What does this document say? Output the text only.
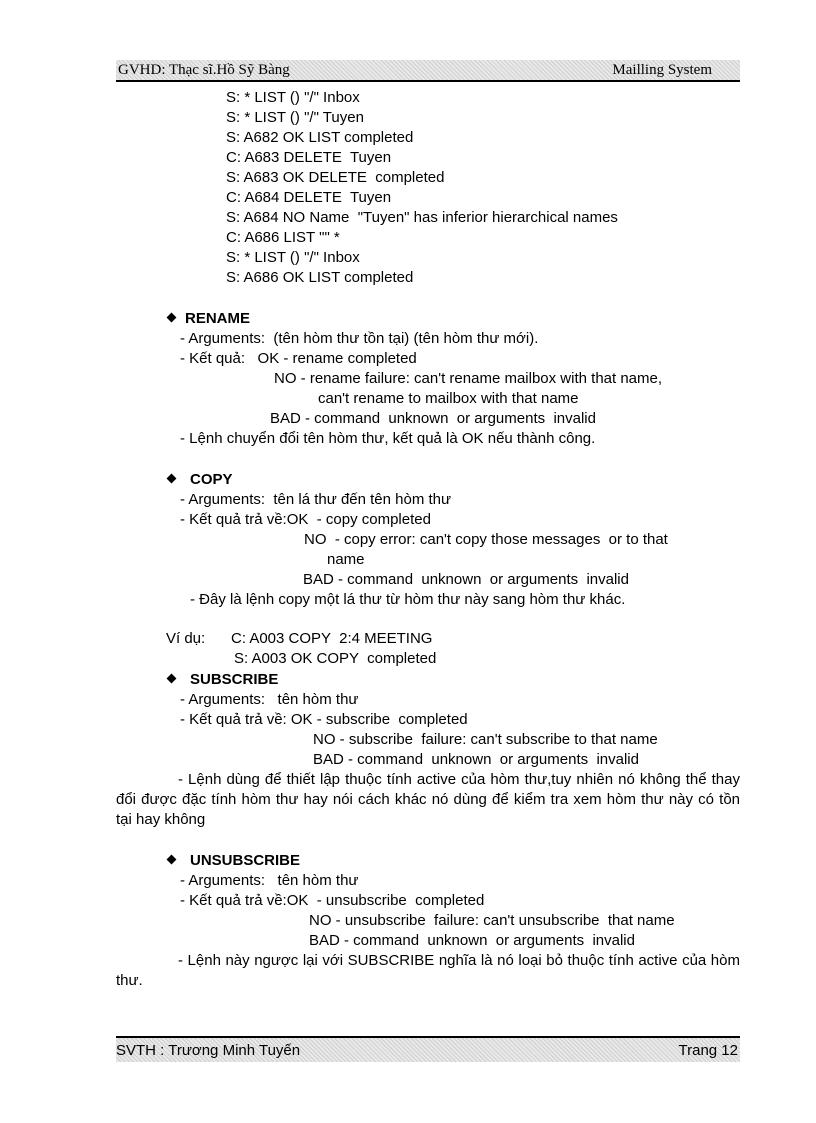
GVHD: Thạc sĩ.Hồ Sỹ Bàng	Mailling System
S: * LIST () "/" Inbox
S: * LIST () "/" Tuyen
S: A682 OK LIST completed
C: A683 DELETE  Tuyen
S: A683 OK DELETE  completed
C: A684 DELETE  Tuyen
S: A684 NO Name  "Tuyen" has inferior hierarchical names
C: A686 LIST "" *
S: * LIST () "/" Inbox
S: A686 OK LIST completed
RENAME
- Arguments:  (tên hòm thư tồn tại) (tên hòm thư mới).
- Kết quả:   OK - rename completed
NO - rename failure: can't rename mailbox with that name,
can't rename to mailbox with that name
BAD - command  unknown  or arguments  invalid
- Lệnh chuyển đổi tên hòm thư, kết quả là OK nếu thành công.
COPY
- Arguments:  tên lá thư đến tên hòm thư
- Kết quả trả về:OK  - copy completed
NO  - copy error: can't copy those messages  or to that
name
BAD - command  unknown  or arguments  invalid
- Đây là lệnh copy một lá thư từ hòm thư này sang hòm thư khác.
Ví dụ: C: A003 COPY  2:4 MEETING
S: A003 OK COPY  completed
SUBSCRIBE
- Arguments:   tên hòm thư
- Kết quả trả về: OK - subscribe  completed
NO - subscribe  failure: can't subscribe to that name
BAD - command  unknown  or arguments  invalid
- Lệnh dùng để thiết lập thuộc tính active của hòm thư,tuy nhiên nó không thể thay đổi được đặc tính hòm thư hay nói cách khác nó dùng để kiểm tra xem hòm thư này có tồn tại hay không
UNSUBSCRIBE
- Arguments:   tên hòm thư
- Kết quả trả về:OK  - unsubscribe  completed
NO - unsubscribe  failure: can't unsubscribe  that name
BAD - command  unknown  or arguments  invalid
- Lệnh này ngược lại với SUBSCRIBE nghĩa là nó loại bỏ thuộc tính active của hòm thư.
SVTH : Trương Minh Tuyến	Trang 12
